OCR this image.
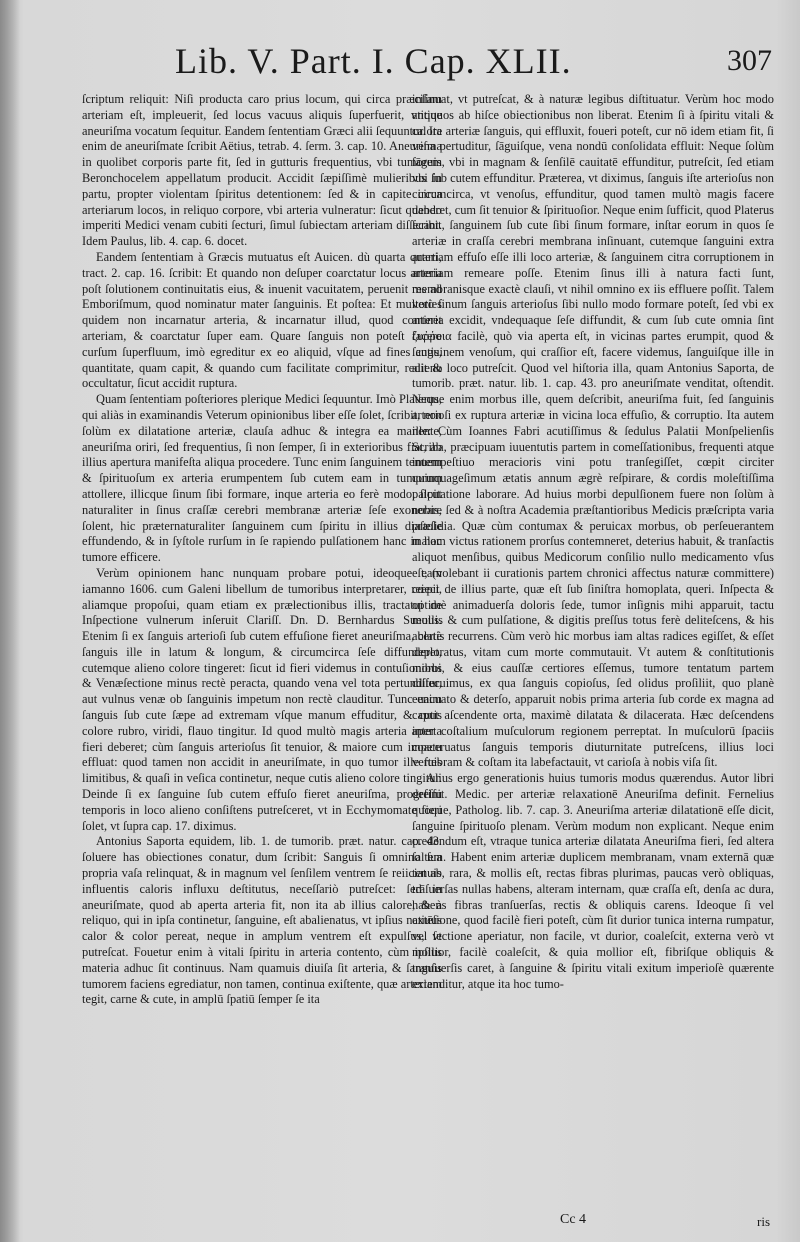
Lib. V. Part. I. Cap. XLII.	307

ſcriptum reliquit: Niſi producta caro prius locum, qui circa præciſam arteriam eſt, impleuerit, ſed locus vacuus aliquis ſuperfuerit, vtique aneuriſma vocatum ſequitur. Eandem ſententiam Græci alii ſequuntur. Ita enim de aneuriſmate ſcribit Aëtius, tetrab. 4. ſerm. 3. cap. 10. Aneuriſma in quolibet corporis parte fit, ſed in gutturis frequentius, vbi tumorem Beronchocelem appellatum producit. Accidit ſæpiſſimè mulieribus in partu, propter violentam ſpiritus detentionem: ſed & in capite circa arteriarum locos, in reliquo corpore, vbi arteria vulneratur: ſicut quando imperiti Medici venam cubiti ſecturi, ſimul ſubiectam arteriam diſſecant. Idem Paulus, lib. 4. cap. 6. docet.

Eandem ſententiam à Græcis mutuatus eſt Auicen. dù quarta quarti, tract. 2. cap. 16. ſcribit: Et quando non deſuper coarctatur locus arteria poſt ſolutionem continuitatis eius, & inuenit vacuitatem, peruenit res ad Emboriſmum, quod nominatur mater ſanguinis. Et poſtea: Et multoties quidem non incarnatur arteria, & incarnatur illud, quod continet arteriam, & coarctatur ſuper eam. Quare ſanguis non poteſt facere curſum ſuperfluum, imò egreditur ex eo aliquid, vſque ad fines cutis, quantitate, quam capit, & quando cum facilitate comprimitur, redit & occultatur, ſicut accidit ruptura.

Quam ſententiam poſteriores plerique Medici ſequuntur. Imò Platerus, qui aliàs in examinandis Veterum opinionibus liber eſſe ſolet, ſcribit, non ſolùm ex dilatatione arteriæ, clauſa adhuc & integra ea manente, aneuriſma oriri, ſed frequentius, ſi non ſemper, ſi in exterioribus fiat, ab illius apertura manifeſta aliqua procedere. Tunc enim ſanguinem tenuem & ſpirituoſum ex arteria erumpentem ſub cutem eam in tumorum attollere, illicque ſinum ſibi formare, inque arteria eo ferè modo, ſicut naturaliter in ſinus craſſæ cerebri membranæ arteriæ ſeſe exonerare ſolent, hic præternaturaliter ſanguinem cum ſpiritu in illius diaſtole effundendo, & in ſyſtole rurſum in ſe rapiendo pulſationem hanc in hoc tumore efficere.

Verùm opinionem hanc nunquam probare potui, ideoque eam iamanno 1606. cum Galeni libellum de tumoribus interpretarer, reieci, aliamque propoſui, quam etiam ex prælectionibus illis, tractatui de Inſpectione vulnerum inſeruit Clariſſ. Dn. D. Bernhardus Sueuus. Etenim ſi ex ſanguis arterioſi ſub cutem effuſione fieret aneuriſma, certè ſanguis ille in latum & longum, & circumcirca ſeſe diffunderet, cutemque alieno colore tingeret: ſicut id fieri videmus in contuſionibus & Venæſectione minus rectè peracta, quando vena vel tota pertunditur, aut vulnus venæ ob ſanguinis impetum non rectè clauditur. Tunc enim ſanguis ſub cute ſæpe ad extremam vſque manum effuditur, & cutis colore rubro, viridi, flauo tingitur. Id quod multò magis arteria aperta fieri deberet; cùm ſanguis arterioſus ſit tenuior, & maiore cum impetu effluat: quod tamen non accidit in aneuriſmate, in quo tumor ille ſuis limitibus, & quaſi in veſica continetur, neque cutis alieno colore tingitur. Deinde ſi ex ſanguine ſub cutem effuſo fieret aneuriſma, progreſſu temporis in loco alieno conſiſtens putreſceret, vt in Ecchymomate fieri ſolet, vt ſupra cap. 17. diximus.

Antonius Saporta equidem, lib. 1. de tumorib. præt. natur. cap. 43. ſoluere has obiectiones conatur, dum ſcribit: Sanguis ſi omnino ſua propria vaſa relinquat, & in magnum vel ſenſilem ventrem ſe reiiciat ab influentis caloris influxu deſtitutus, neceſſariò putreſcet: ſed in aneuriſmate, quod ab aperta arteria fit, non ita ab illius calore, & à reliquo, qui in ipſa continetur, ſanguine, eſt abalienatus, vt ipſius natiuus calor & color pereat, neque in amplum ventrem eſt expulſus, vt putreſcat. Fouetur enim à vitali ſpiritu in arteria contento, cùm ipſius materia adhuc ſit continuus. Nam quamuis diuiſa ſit arteria, & ſanguis tumorem faciens egrediatur, non tamen, continua exiſtente, quæ arteriam tegit, carne & cute, in amplū ſpatiū ſemper ſe ita

inſinuat, vt putreſcat, & à naturæ legibus diſtituatur. Verùm hoc modo antiquos ab hiſce obiectionibus non liberat. Etenim ſi à ſpiritu vitali & calore arteriæ ſanguis, qui effluxit, foueri poteſt, cur nō idem etiam fit, ſi vena pertuditur, ſāguiſque, vena nondū conſolidata effluit: Neque ſolùm ſāguis, vbi in magnam & ſenſilē cauitatē effunditur, putreſcit, ſed etiam vbi ſub cutem effunditur. Præterea, vt diximus, ſanguis iſte arterioſus non circumcirca, vt venoſus, effunditur, quod tamen multò magis facere deberet, cum ſit tenuior & ſpirituoſior. Neque enim ſufficit, quod Platerus ſcribit, ſanguinem ſub cute ſibi ſinum formare, inſtar eorum in quos ſe arteriæ in craſſa cerebri membrana inſinuant, cutemque ſanguini extra arteriam effuſo eſſe illi loco arteriæ, & ſanguinem citra corruptionem in arteriam remeare poſſe. Etenim ſinus illi à natura facti ſunt, membranisque exactè clauſi, vt nihil omnino ex iis effluere poſſit. Talem verò ſinum ſanguis arterioſus ſibi nullo modo formare poteſt, ſed vbi ex arteria excidit, vndequaque ſeſe diffundit, & cum ſub cute omnia ſint ζυῤῥοια facilè, quò via aperta eſt, in vicinas partes erumpit, quod & ſanguinem venoſum, qui craſſior eſt, facere videmus, ſanguiſque ille in alieno loco putreſcit. Quod vel hiſtoria illa, quam Antonius Saporta, de tumorib. præt. natur. lib. 1. cap. 43. pro aneuriſmate venditat, oſtendit. Neque enim morbus ille, quem deſcribit, aneuriſma fuit, ſed ſanguinis arterioſi ex ruptura arteriæ in vicina loca effuſio, & corruptio. Ita autem ille: Cùm Ioannes Fabri acutiſſimus & ſedulus Palatii Monſpelienſis Scriba, præcipuam iuuentutis partem in comeſſationibus, frequenti atque intempeſtiuo meracioris vini potu tranſegiſſet, cœpit circiter quinquageſimum ætatis annum ægrè reſpirare, & cordis moleſtiſſima palpitatione laborare. Ad huius morbi depulſionem fuere non ſolùm à nobis, ſed & à noſtra Academia præſtantioribus Medicis præſcripta varia præſidia. Quæ cùm contumax & peruicax morbus, ob perſeuerantem malam victus rationem prorſus contemneret, deterius habuit, & tranſactis aliquot menſibus, quibus Medicorum conſilio nullo medicamento vſus eſt, (volebant ii curationis partem chronici affectus naturæ committere) cœpit de illius parte, quæ eſt ſub ſiniſtra homoplata, queri. Inſpecta & optimè animaduerſa doloris ſede, tumor inſignis mihi apparuit, tactu mollis & cum pulſatione, & digitis preſſus totus ferè deliteſcens, & his ablatis recurrens. Cùm verò hic morbus iam altas radices egiſſet, & eſſet deploratus, vitam cum morte commutauit. Vt autem & conſtitutionis morbi, & eius cauſſæ certiores eſſemus, tumore tentatum partem diſſecuimus, ex qua ſanguis copioſus, ſed olidus proſiliit, quo planè euacuato & deterſo, apparuit nobis prima arteria ſub corde ex magna ad caput aſcendente orta, maximè dilatata & dilacerata. Hæc deſcendens inter coſtalium muſculorum regionem perreptat. In muſculorū ſpaciis coaceruatus ſanguis temporis diuturnitate putreſcens, illius loci vertebram & coſtam ita labefactauit, vt carioſa à nobis viſa ſit.

Alius ergo generationis huius tumoris modus quærendus. Autor libri definit. Medic. per arteriæ relaxationē Aneuriſma definit. Fernelius quoque, Patholog. lib. 7. cap. 3. Aneuriſma arteriæ dilatationē eſſe dicit, ſanguine ſpirituoſo plenam. Verùm modum non explicant. Neque enim credendum eſt, vtraque tunica arteriæ dilatata Aneuriſma fieri, ſed altera ſaltem. Habent enim arteriæ duplicem membranam, vnam externā quæ tenuis, rara, & mollis eſt, rectas fibras plurimas, paucas verò obliquas, trāſuerſas nullas habens, alteram internam, quæ craſſa eſt, denſa ac dura, habens fibras tranſuerſas, rectis & obliquis carens. Ideoque ſi vel extēſione, quod facilè fieri poteſt, cùm ſit durior tunica interna rumpatur, vel ſectione aperiatur, non facile, vt durior, coaleſcit, externa verò vt mollior, facilè coaleſcit, & quia mollior eſt, fibriſque obliquis & tranſuerſis caret, à ſanguine & ſpiritu vitali exitum imperioſè quærente extenditur, atque ita hoc tumo-

Cc 4	ris
